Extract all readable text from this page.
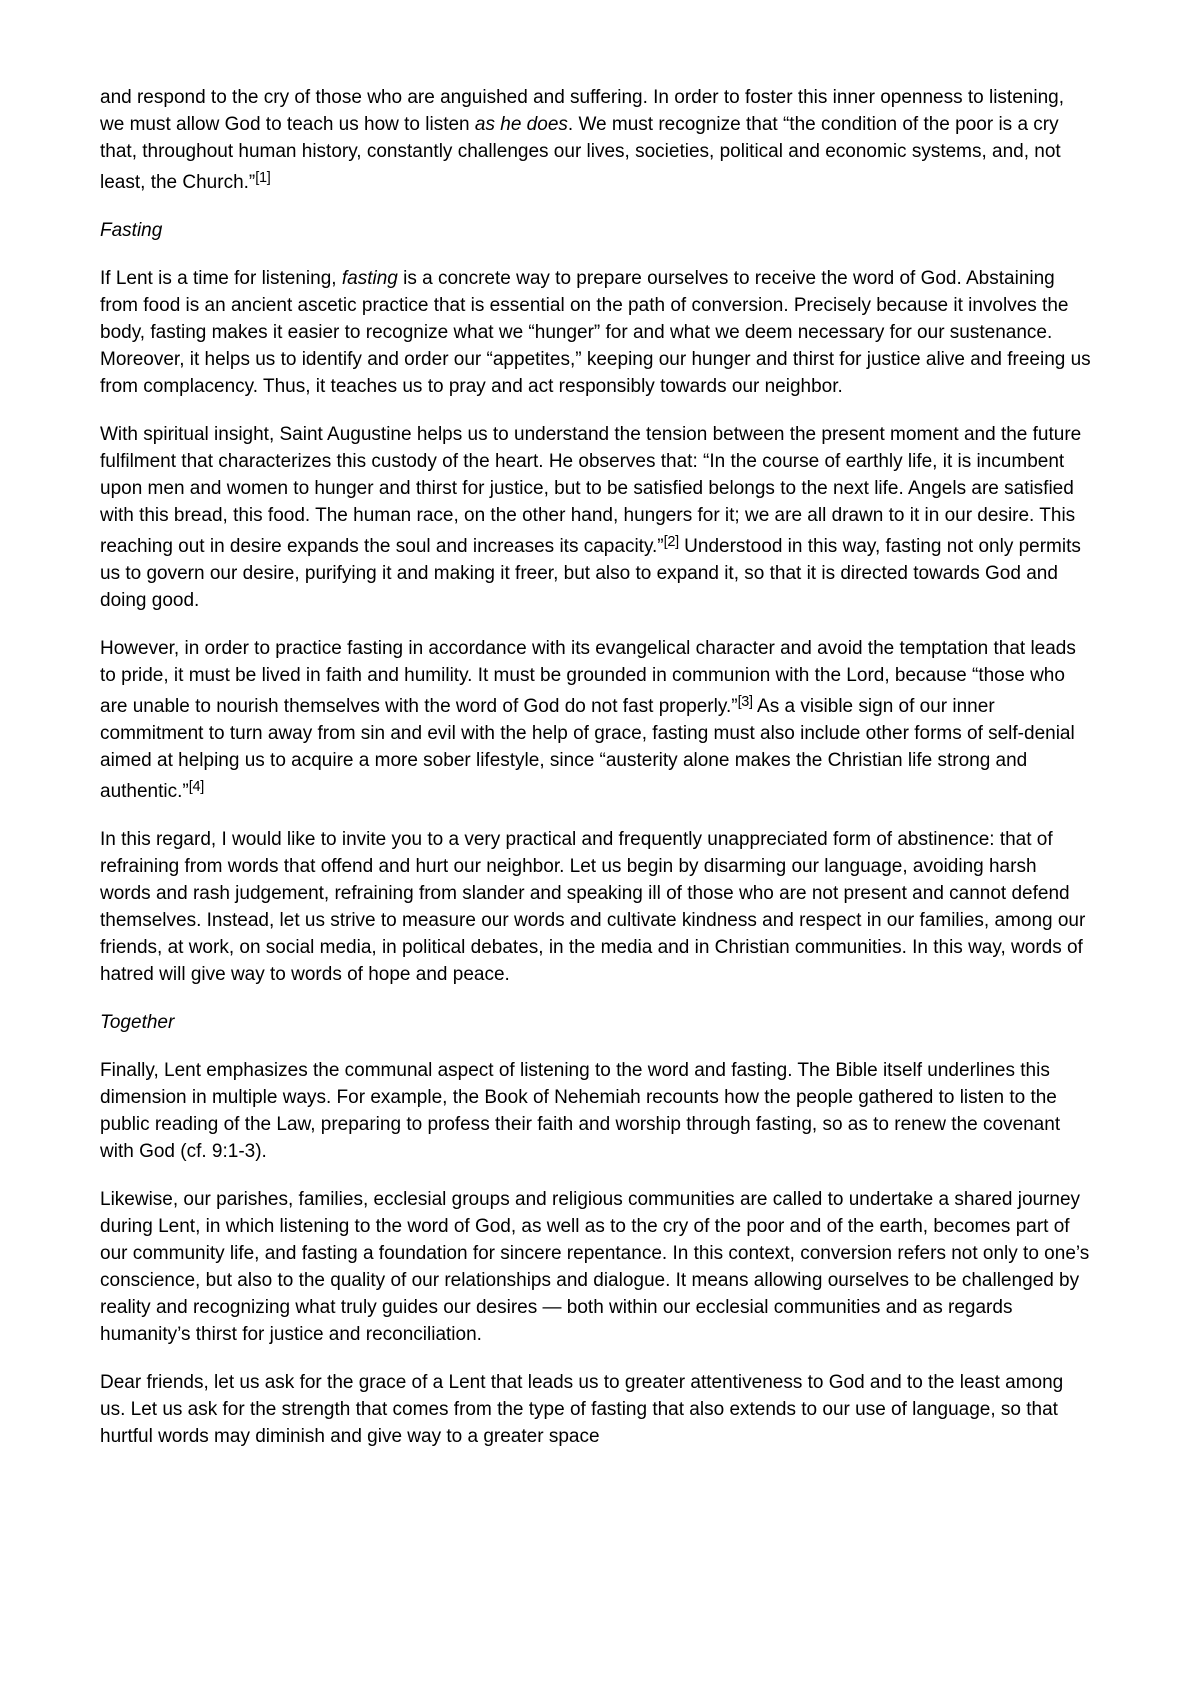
and respond to the cry of those who are anguished and suffering. In order to foster this inner openness to listening, we must allow God to teach us how to listen as he does. We must recognize that “the condition of the poor is a cry that, throughout human history, constantly challenges our lives, societies, political and economic systems, and, not least, the Church.”[1]

Fasting

If Lent is a time for listening, fasting is a concrete way to prepare ourselves to receive the word of God. Abstaining from food is an ancient ascetic practice that is essential on the path of conversion. Precisely because it involves the body, fasting makes it easier to recognize what we “hunger” for and what we deem necessary for our sustenance. Moreover, it helps us to identify and order our “appetites,” keeping our hunger and thirst for justice alive and freeing us from complacency. Thus, it teaches us to pray and act responsibly towards our neighbor.

With spiritual insight, Saint Augustine helps us to understand the tension between the present moment and the future fulfilment that characterizes this custody of the heart. He observes that: “In the course of earthly life, it is incumbent upon men and women to hunger and thirst for justice, but to be satisfied belongs to the next life. Angels are satisfied with this bread, this food. The human race, on the other hand, hungers for it; we are all drawn to it in our desire. This reaching out in desire expands the soul and increases its capacity.”[2] Understood in this way, fasting not only permits us to govern our desire, purifying it and making it freer, but also to expand it, so that it is directed towards God and doing good.

However, in order to practice fasting in accordance with its evangelical character and avoid the temptation that leads to pride, it must be lived in faith and humility. It must be grounded in communion with the Lord, because “those who are unable to nourish themselves with the word of God do not fast properly.”[3] As a visible sign of our inner commitment to turn away from sin and evil with the help of grace, fasting must also include other forms of self-denial aimed at helping us to acquire a more sober lifestyle, since “austerity alone makes the Christian life strong and authentic.”[4]

In this regard, I would like to invite you to a very practical and frequently unappreciated form of abstinence: that of refraining from words that offend and hurt our neighbor. Let us begin by disarming our language, avoiding harsh words and rash judgement, refraining from slander and speaking ill of those who are not present and cannot defend themselves. Instead, let us strive to measure our words and cultivate kindness and respect in our families, among our friends, at work, on social media, in political debates, in the media and in Christian communities. In this way, words of hatred will give way to words of hope and peace.

Together

Finally, Lent emphasizes the communal aspect of listening to the word and fasting. The Bible itself underlines this dimension in multiple ways. For example, the Book of Nehemiah recounts how the people gathered to listen to the public reading of the Law, preparing to profess their faith and worship through fasting, so as to renew the covenant with God (cf. 9:1-3).

Likewise, our parishes, families, ecclesial groups and religious communities are called to undertake a shared journey during Lent, in which listening to the word of God, as well as to the cry of the poor and of the earth, becomes part of our community life, and fasting a foundation for sincere repentance. In this context, conversion refers not only to one’s conscience, but also to the quality of our relationships and dialogue. It means allowing ourselves to be challenged by reality and recognizing what truly guides our desires — both within our ecclesial communities and as regards humanity’s thirst for justice and reconciliation.

Dear friends, let us ask for the grace of a Lent that leads us to greater attentiveness to God and to the least among us. Let us ask for the strength that comes from the type of fasting that also extends to our use of language, so that hurtful words may diminish and give way to a greater space
